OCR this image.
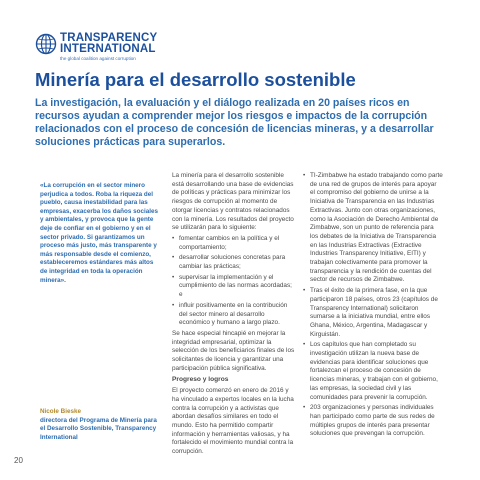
TRANSPARENCY
INTERNATIONAL
the global coalition against corruption
Minería para el desarrollo sostenible

La investigación, la evaluación y el diálogo realizada en 20 países ricos en recursos ayudan a comprender mejor los riesgos e impactos de la corrupción relacionados con el proceso de concesión de licencias mineras, y a desarrollar soluciones prácticas para superarlos.

«La corrupción en el sector minero perjudica a todos. Roba la riqueza del pueblo, causa inestabilidad para las empresas, exacerba los daños sociales y ambientales, y provoca que la gente deje de confiar en el gobierno y en el sector privado. Si garantizamos un proceso más justo, más transparente y más responsable desde el comienzo, estableceremos estándares más altos de integridad en toda la operación minera».

Nicole Bieske
directora del Programa de Minería para el Desarrollo Sostenible, Transparency International

La minería para el desarrollo sostenible está desarrollando una base de evidencias de políticas y prácticas para minimizar los riesgos de corrupción al momento de otorgar licencias y contratos relacionados con la minería. Los resultados del proyecto se utilizarán para lo siguiente:

• fomentar cambios en la política y el comportamiento;
• desarrollar soluciones concretas para cambiar las prácticas;
• supervisar la implementación y el cumplimiento de las normas acordadas; e
• influir positivamente en la contribución del sector minero al desarrollo económico y humano a largo plazo.

Se hace especial hincapié en mejorar la integridad empresarial, optimizar la selección de los beneficiarios finales de los solicitantes de licencia y garantizar una participación pública significativa.

Progreso y logros

El proyecto comenzó en enero de 2016 y ha vinculado a expertos locales en la lucha contra la corrupción y a activistas que abordan desafíos similares en todo el mundo. Esto ha permitido compartir información y herramientas valiosas, y ha fortalecido el movimiento mundial contra la corrupción.

• TI-Zimbabwe ha estado trabajando como parte de una red de grupos de interés para apoyar el compromiso del gobierno de unirse a la Iniciativa de Transparencia en las Industrias Extractivas. Junto con otras organizaciones, como la Asociación de Derecho Ambiental de Zimbabwe, son un punto de referencia para los debates de la Iniciativa de Transparencia en las Industrias Extractivas (Extractive Industries Transparency Initiative, EITI) y trabajan colectivamente para promover la transparencia y la rendición de cuentas del sector de recursos de Zimbabwe.
• Tras el éxito de la primera fase, en la que participaron 18 países, otros 23 (capítulos de Transparency International) solicitaron sumarse a la iniciativa mundial, entre ellos Ghana, México, Argentina, Madagascar y Kirguistán.
• Los capítulos que han completado su investigación utilizan la nueva base de evidencias para identificar soluciones que fortalezcan el proceso de concesión de licencias mineras, y trabajan con el gobierno, las empresas, la sociedad civil y las comunidades para prevenir la corrupción.
• 203 organizaciones y personas individuales han participado como parte de sus redes de múltiples grupos de interés para presentar soluciones que prevengan la corrupción.
20
